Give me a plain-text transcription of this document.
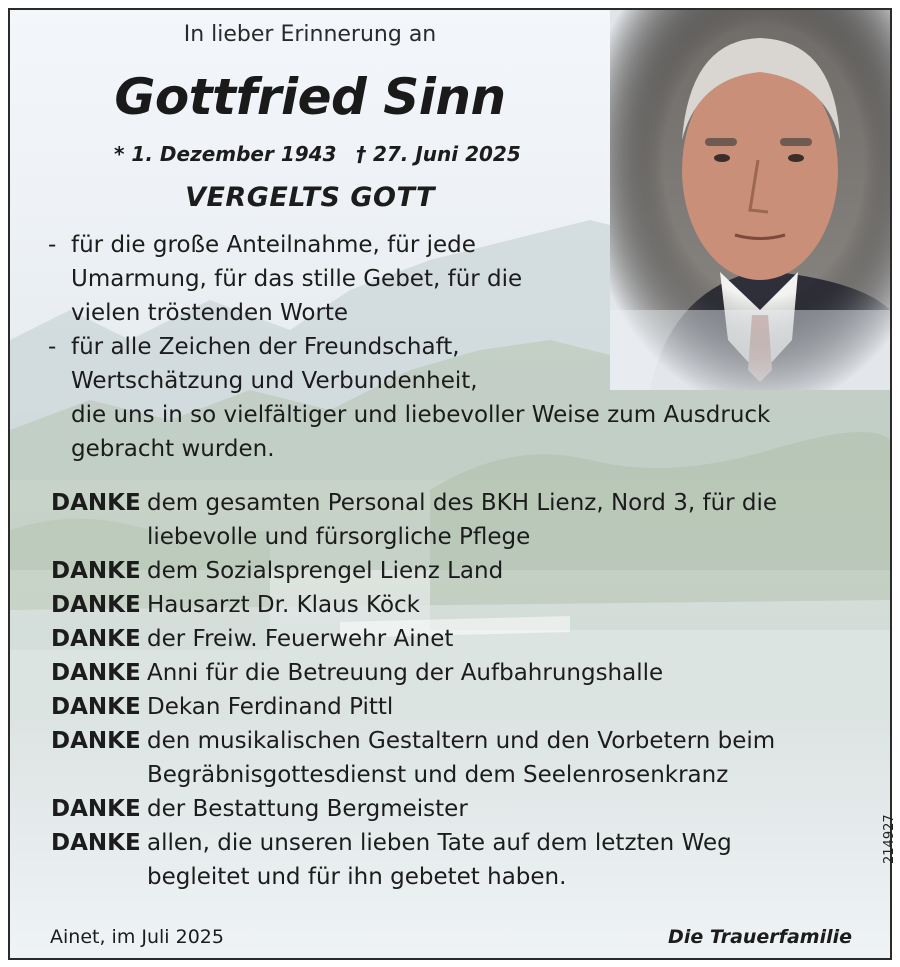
In lieber Erinnerung an

Gottfried Sinn

* 1. Dezember 1943 † 27. Juni 2025

VERGELTS GOTT

- für die große Anteilnahme, für jede
Umarmung, für das stille Gebet, für die
vielen tröstenden Worte
- für alle Zeichen der Freundschaft,
Wertschätzung und Verbundenheit,
die uns in so vielfältiger und liebevoller Weise zum Ausdruck
gebracht wurden.
DANKE dem gesamten Personal des BKH Lienz, Nord 3, für die
liebevolle und fürsorgliche Pflege
DANKE dem Sozialsprengel Lienz Land
DANKE Hausarzt Dr. Klaus Köck
DANKE der Freiw. Feuerwehr Ainet
DANKE Anni für die Betreuung der Aufbahrungshalle
DANKE Dekan Ferdinand Pittl
DANKE den musikalischen Gestaltern und den Vorbetern beim
Begräbnisgottesdienst und dem Seelenrosenkranz
DANKE der Bestattung Bergmeister
DANKE allen, die unseren lieben Tate auf dem letzten Weg
begleitet und für ihn gebetet haben.
Ainet, im Juli 2025	Die Trauerfamilie
214927
